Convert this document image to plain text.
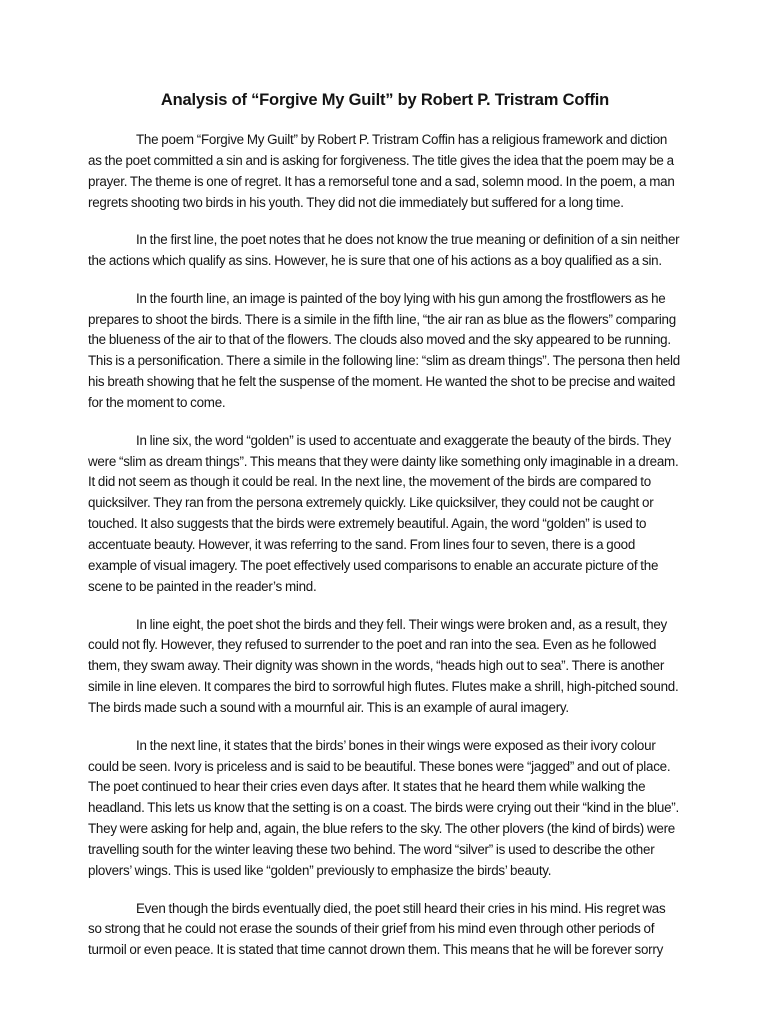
Analysis of “Forgive My Guilt” by Robert P. Tristram Coffin

The poem “Forgive My Guilt” by Robert P. Tristram Coffin has a religious framework and diction as the poet committed a sin and is asking for forgiveness. The title gives the idea that the poem may be a prayer. The theme is one of regret. It has a remorseful tone and a sad, solemn mood. In the poem, a man regrets shooting two birds in his youth. They did not die immediately but suffered for a long time.

In the first line, the poet notes that he does not know the true meaning or definition of a sin neither the actions which qualify as sins. However, he is sure that one of his actions as a boy qualified as a sin.

In the fourth line, an image is painted of the boy lying with his gun among the frostflowers as he prepares to shoot the birds. There is a simile in the fifth line, “the air ran as blue as the flowers” comparing the blueness of the air to that of the flowers. The clouds also moved and the sky appeared to be running. This is a personification. There a simile in the following line: “slim as dream things”. The persona then held his breath showing that he felt the suspense of the moment. He wanted the shot to be precise and waited for the moment to come.

In line six, the word “golden” is used to accentuate and exaggerate the beauty of the birds. They were “slim as dream things”. This means that they were dainty like something only imaginable in a dream. It did not seem as though it could be real. In the next line, the movement of the birds are compared to quicksilver. They ran from the persona extremely quickly. Like quicksilver, they could not be caught or touched. It also suggests that the birds were extremely beautiful. Again, the word “golden” is used to accentuate beauty. However, it was referring to the sand. From lines four to seven, there is a good example of visual imagery. The poet effectively used comparisons to enable an accurate picture of the scene to be painted in the reader’s mind.

In line eight, the poet shot the birds and they fell. Their wings were broken and, as a result, they could not fly. However, they refused to surrender to the poet and ran into the sea. Even as he followed them, they swam away. Their dignity was shown in the words, “heads high out to sea”. There is another simile in line eleven. It compares the bird to sorrowful high flutes. Flutes make a shrill, high-pitched sound. The birds made such a sound with a mournful air. This is an example of aural imagery.

In the next line, it states that the birds’ bones in their wings were exposed as their ivory colour could be seen. Ivory is priceless and is said to be beautiful. These bones were “jagged” and out of place. The poet continued to hear their cries even days after. It states that he heard them while walking the headland. This lets us know that the setting is on a coast. The birds were crying out their “kind in the blue”. They were asking for help and, again, the blue refers to the sky. The other plovers (the kind of birds) were travelling south for the winter leaving these two behind. The word “silver” is used to describe the other plovers’ wings. This is used like “golden” previously to emphasize the birds’ beauty.

Even though the birds eventually died, the poet still heard their cries in his mind. His regret was so strong that he could not erase the sounds of their grief from his mind even through other periods of turmoil or even peace. It is stated that time cannot drown them. This means that he will be forever sorry
